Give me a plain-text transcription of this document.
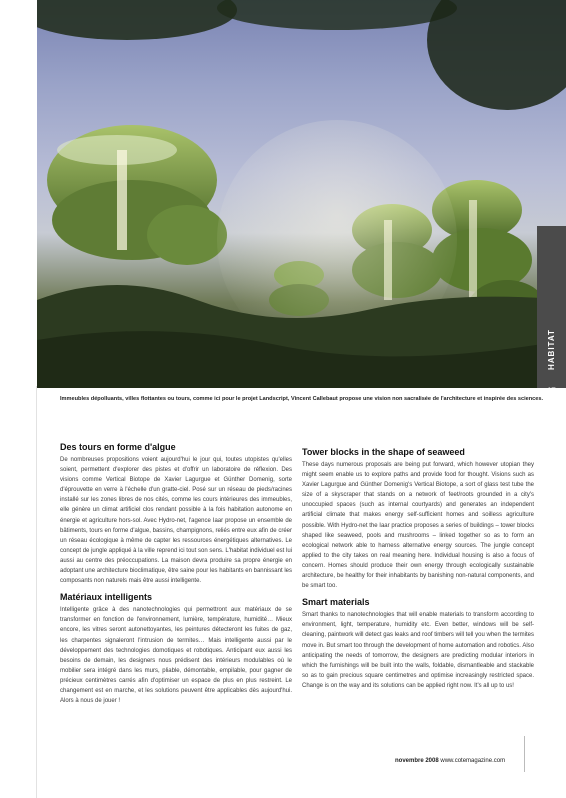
HABITAT
45
Immeubles dépolluants, villes flottantes ou tours, comme ici pour le projet Landscript, Vincent Callebaut propose une vision non sacralisée de l'architecture et inspirée des sciences.
Des tours en forme d'algue
De nombreuses propositions voient aujourd'hui le jour qui, toutes utopistes qu'elles soient, permettent d'explorer des pistes et d'offrir un laboratoire de réflexion. Des visions comme Vertical Biotope de Xavier Lagurgue et Günther Domenig, sorte d'éprouvette en verre à l'échelle d'un gratte-ciel. Posé sur un réseau de pieds/racines installé sur les zones libres de nos cités, comme les cours intérieures des immeubles, elle génère un climat artificiel clos rendant possible à la fois habitation autonome en énergie et agriculture hors-sol. Avec Hydro-net, l'agence Iaar propose un ensemble de bâtiments, tours en forme d'algue, bassins, champignons, reliés entre eux afin de créer un réseau écologique à même de capter les ressources énergétiques alternatives. Le concept de jungle appliqué à la ville reprend ici tout son sens. L'habitat individuel est lui aussi au centre des préoccupations. La maison devra produire sa propre énergie en adoptant une architecture bioclimatique, être saine pour les habitants en bannissant les composants non naturels mais être aussi intelligente.
Matériaux intelligents
Intelligente grâce à des nanotechnologies qui permettront aux matériaux de se transformer en fonction de l'environnement, lumière, température, humidité… Mieux encore, les vitres seront autonettoyantes, les peintures détecteront les fuites de gaz, les charpentes signaleront l'intrusion de termites… Mais intelligente aussi par le développement des technologies domotiques et robotiques. Anticipant eux aussi les besoins de demain, les designers nous prédisent des intérieurs modulables où le mobilier sera intégré dans les murs, pliable, démontable, empilable, pour gagner de précieux centimètres carrés afin d'optimiser un espace de plus en plus restreint. Le changement est en marche, et les solutions peuvent être applicables dès aujourd'hui. Alors à nous de jouer !
Tower blocks in the shape of seaweed
These days numerous proposals are being put forward, which however utopian they might seem enable us to explore paths and provide food for thought. Visions such as Xavier Lagurgue and Günther Domenig's Vertical Biotope, a sort of glass test tube the size of a skyscraper that stands on a network of feet/roots grounded in a city's unoccupied spaces (such as internal courtyards) and generates an independent artificial climate that makes energy self-sufficient homes and soilless agriculture possible. With Hydro-net the Iaar practice proposes a series of buildings – tower blocks shaped like seaweed, pools and mushrooms – linked together so as to form an ecological network able to harness alternative energy sources. The jungle concept applied to the city takes on real meaning here. Individual housing is also a focus of concern. Homes should produce their own energy through ecologically sustainable architecture, be healthy for their inhabitants by banishing non-natural components, and be smart too.
Smart materials
Smart thanks to nanotechnologies that will enable materials to transform according to environment, light, temperature, humidity etc. Even better, windows will be self-cleaning, paintwork will detect gas leaks and roof timbers will tell you when the termites move in. But smart too through the development of home automation and robotics. Also anticipating the needs of tomorrow, the designers are predicting modular interiors in which the furnishings will be built into the walls, foldable, dismantleable and stackable so as to gain precious square centimetres and optimise increasingly restricted space. Change is on the way and its solutions can be applied right now. It's all up to us!
novembre 2008 www.cotemagazine.com
